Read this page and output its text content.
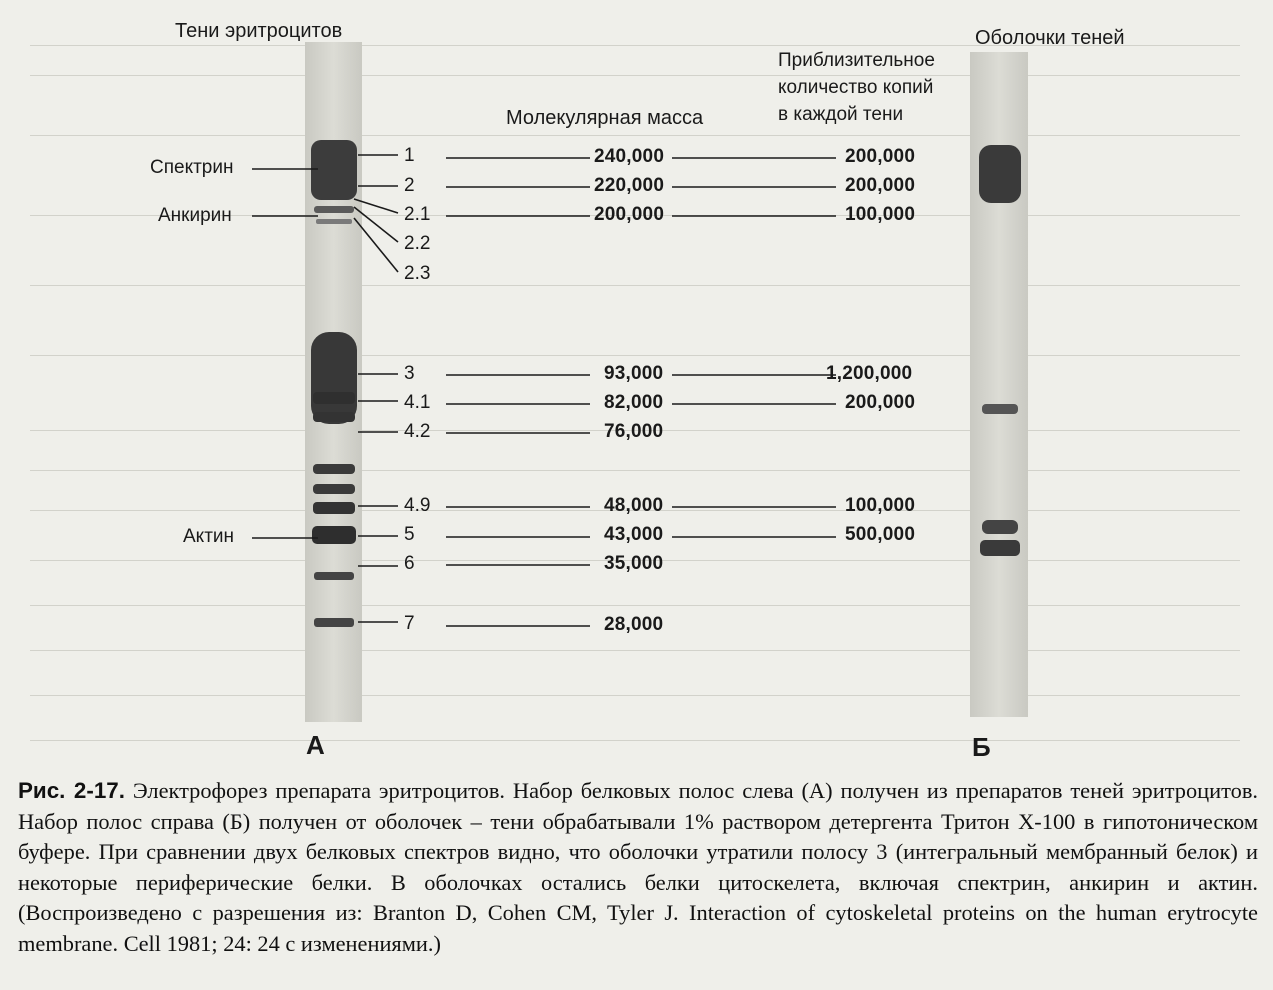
Тени эритроцитов	Оболочки теней
Молекулярная масса
Приблизительное
количество копий
в каждой тени
Спектрин
Анкирин
Актин
1
2
2.1
2.2
2.3
3
4.1
4.2
4.9
5
6
7
240,000
220,000
200,000
93,000
82,000
76,000
48,000
43,000
35,000
28,000
200,000
200,000
100,000
1,200,000
200,000
100,000
500,000
А	Б
Рис. 2-17. Электрофорез препарата эритроцитов. Набор белковых полос слева (А) получен из препаратов теней эритроцитов. Набор полос справа (Б) получен от оболочек – тени обрабатывали 1% раствором детергента Тритон X-100 в гипотоническом буфере. При сравнении двух белковых спектров видно, что оболочки утратили полосу 3 (интегральный мембранный белок) и некоторые периферические белки. В оболочках остались белки цитоскелета, включая спектрин, анкирин и актин. (Воспроизведено с разрешения из: Branton D, Cohen CM, Tyler J. Interaction of cytoskeletal proteins on the human erytrocyte membrane. Cell 1981; 24: 24 с изменениями.)
